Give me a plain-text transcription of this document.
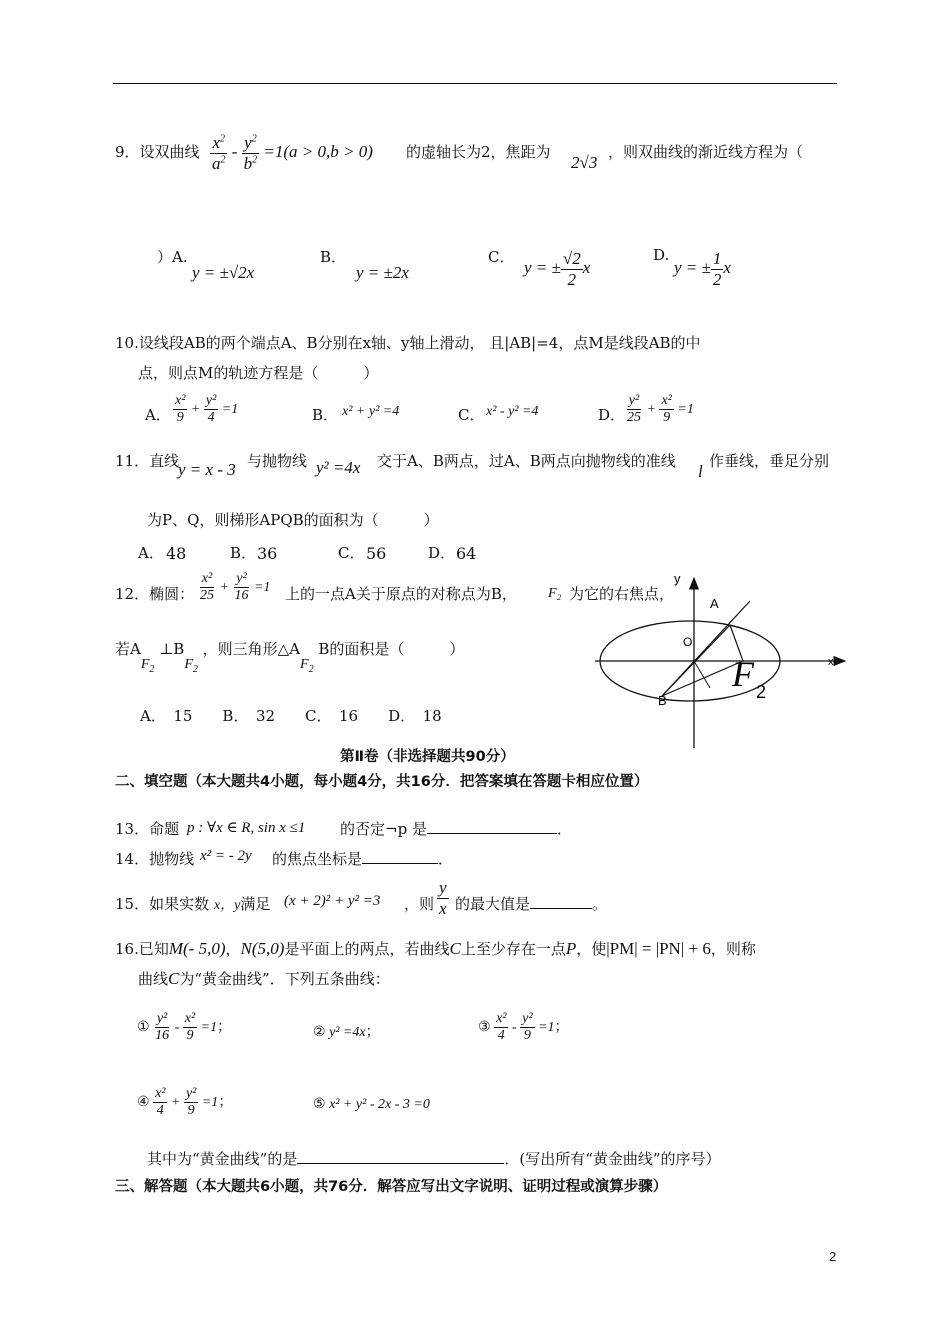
9．设双曲线 $\frac{x^2}{a^2} - \frac{y^2}{b^2} =1(a > 0,b > 0)$ 的虚轴长为2，焦距为
2√3
，则双曲线的渐近线方程为（
）A.
y = ±√2x
B．
y = ±2x
C．
y = ± $\frac{√2}{2}$ x
D.
y = ± $\frac{1}{2}$ x
10.设线段AB的两个端点A、B分别在x轴、y轴上滑动， 且|AB|=4，点M是线段AB的中
点，则点M的轨迹方程是（　　　）
A． $\frac{\text{x²}}{9} + \frac{\text{y²}}{4} =1$	B． x² + y² =4	C． x² - y² =4	D． $\frac{\text{y²}}{25} + \frac{\text{x²}}{9} =1$
11．直线
y = x - 3 与抛物线 y² =4x 交于A、B两点，过A、B两点向抛物线的准线
l
作垂线，垂足分别
为P、Q，则梯形APQB的面积为（　　　）
A． 48	B． 36	C． 56	D． 64
12．椭圆： $\frac{\text{x²}}{25} + \frac{\text{y²}}{16} =1$ 上的一点A关于原点的对称点为B， F₂ 为它的右焦点，
若$AF_2$ $\perp BF_2$ ，则三角形$\triangle AF_2$ B的面积是（　　　）
A．　15　　B．　32　　C．　16　　D．　18
y
x
A
O
B
F 2
第Ⅱ卷（非选择题共90分）
二、填空题（本大题共4小题，每小题4分，共16分．把答案填在答题卡相应位置）
13．命题 p : ∀x ∈ R, sin x ≤1 的否定¬p 是	．
14．抛物线 x² = - 2y 的焦点坐标是	．
15．如果实数 x，y满足 (x + 2)² + y² =3 ，则 $\frac{y}{x}$ 的最大值是	。
16.已知M(- 5,0)，N(5,0)是平面上的两点，若曲线C上至少存在一点P，使|PM| = |PN| + 6，则称
曲线C为“黄金曲线”．下列五条曲线：
① $\frac{\text{y²}}{16} - \frac{\text{x²}}{9} =1$；	② y² =4x；	③ $\frac{\text{x²}}{4} - \frac{\text{y²}}{9} =1$；
④ $\frac{\text{x²}}{4} + \frac{\text{y²}}{9} =1$；	⑤ x² + y² - 2x - 3 =0
其中为“黄金曲线”的是	．(写出所有“黄金曲线”的序号）
三、解答题（本大题共6小题，共76分．解答应写出文字说明、证明过程或演算步骤）
2
